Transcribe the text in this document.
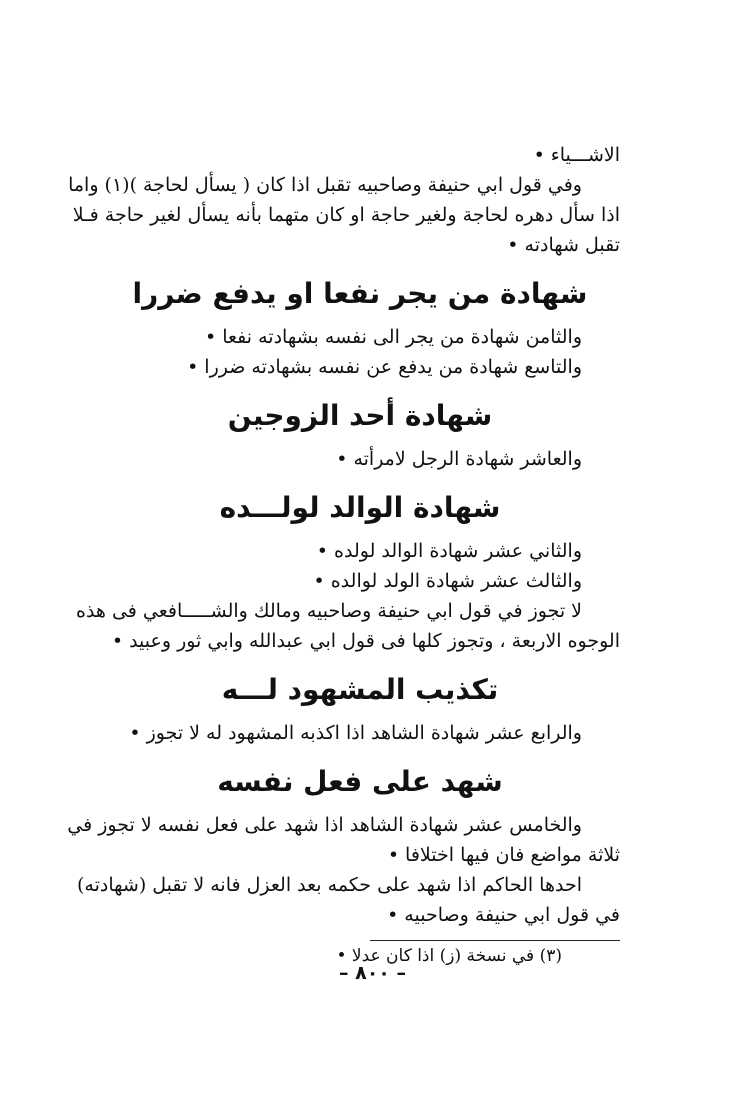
الاشـــياء •
وفي قول ابي حنيفة وصاحبيه تقبل اذا كان ( يسأل لحاجة )(١) واما
اذا سأل دهره لحاجة ولغير حاجة او كان متهما بأنه يسأل لغير حاجة فـلا
تقبل شهادته •
شهادة من يجر نفعا او يدفع ضررا
والثامن شهادة من يجر الى نفسه بشهادته نفعا •
والتاسع شهادة من يدفع عن نفسه بشهادته ضررا •
شهادة أحد الزوجين
والعاشر شهادة الرجل لامرأته •
شهادة الوالد لولـــده
والثاني عشر شهادة الوالد لولده •
والثالث عشر شهادة الولد لوالده •
لا تجوز في قول ابي حنيفة وصاحبيه ومالك والشـــــافعي فى هذه
الوجوه الاربعة ، وتجوز كلها فى قول ابي عبدالله وابي ثور وعبيد •
تكذيب المشهود لـــه
والرابع عشر شهادة الشاهد اذا اكذبه المشهود له لا تجوز •
شهد على فعل نفسه
والخامس عشر شهادة الشاهد اذا شهد على فعل نفسه لا تجوز في
ثلاثة مواضع فان فيها اختلافا •
احدها الحاكم اذا شهد على حكمه بعد العزل فانه لا تقبل (شهادته)
في قول ابي حنيفة وصاحبيه •
(٣) في نسخة (ز) اذا كان عدلا •
– ٨٠٠ –
